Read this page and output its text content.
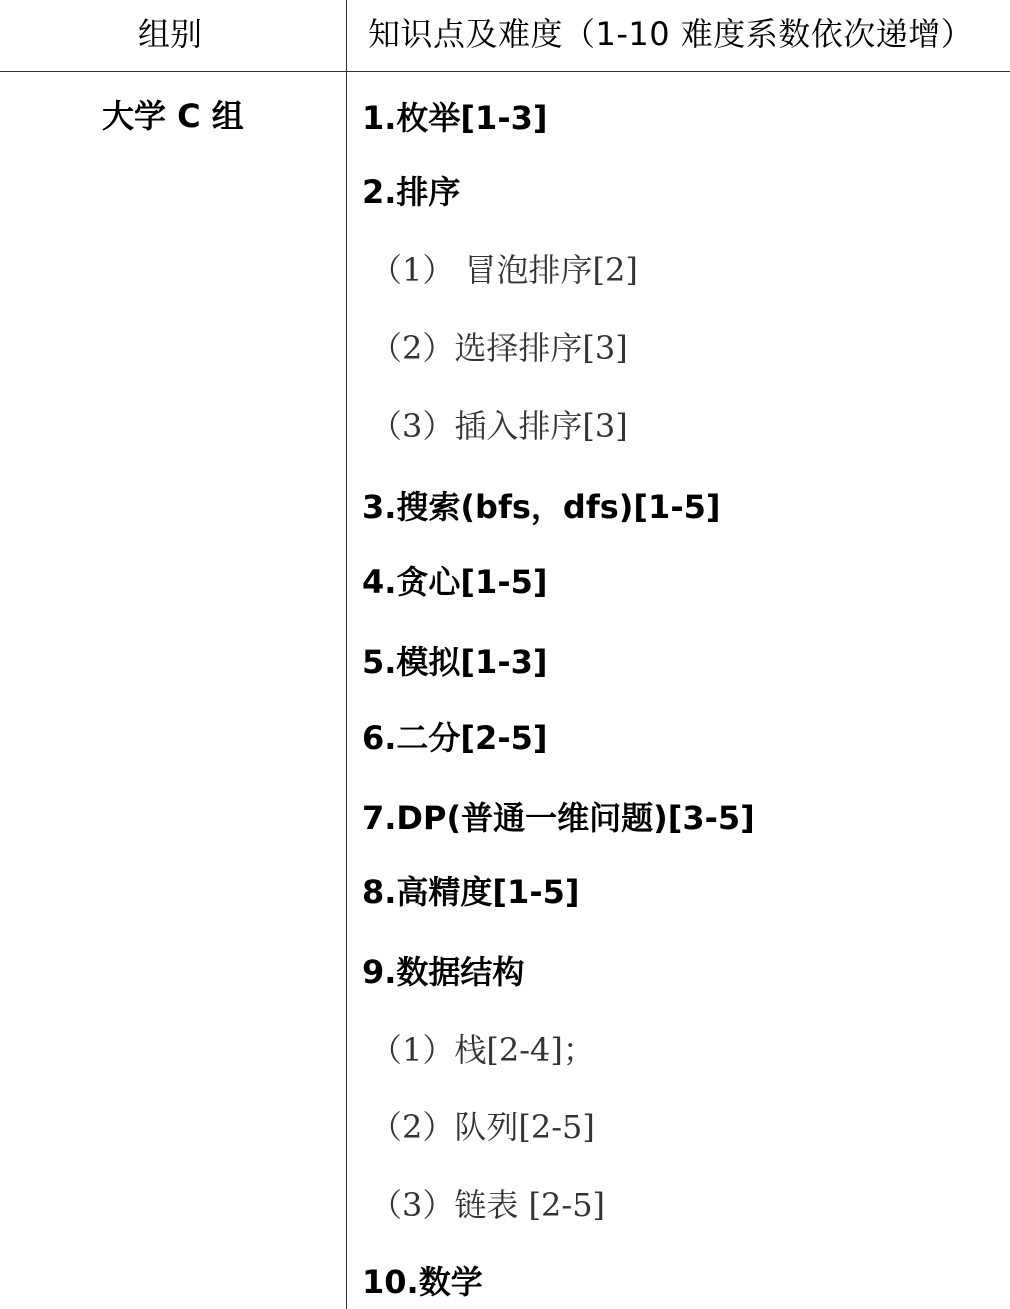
组别	知识点及难度（1-10 难度系数依次递增）
大学 C 组	1.枚举[1-3]
2.排序
（1） 冒泡排序[2]
（2）选择排序[3]
（3）插入排序[3]
3.搜索(bfs，dfs)[1-5]
4.贪心[1-5]
5.模拟[1-3]
6.二分[2-5]
7.DP(普通一维问题)[3-5]
8.高精度[1-5]
9.数据结构
（1）栈[2-4]；
（2）队列[2-5]
（3）链表 [2-5]
10.数学
